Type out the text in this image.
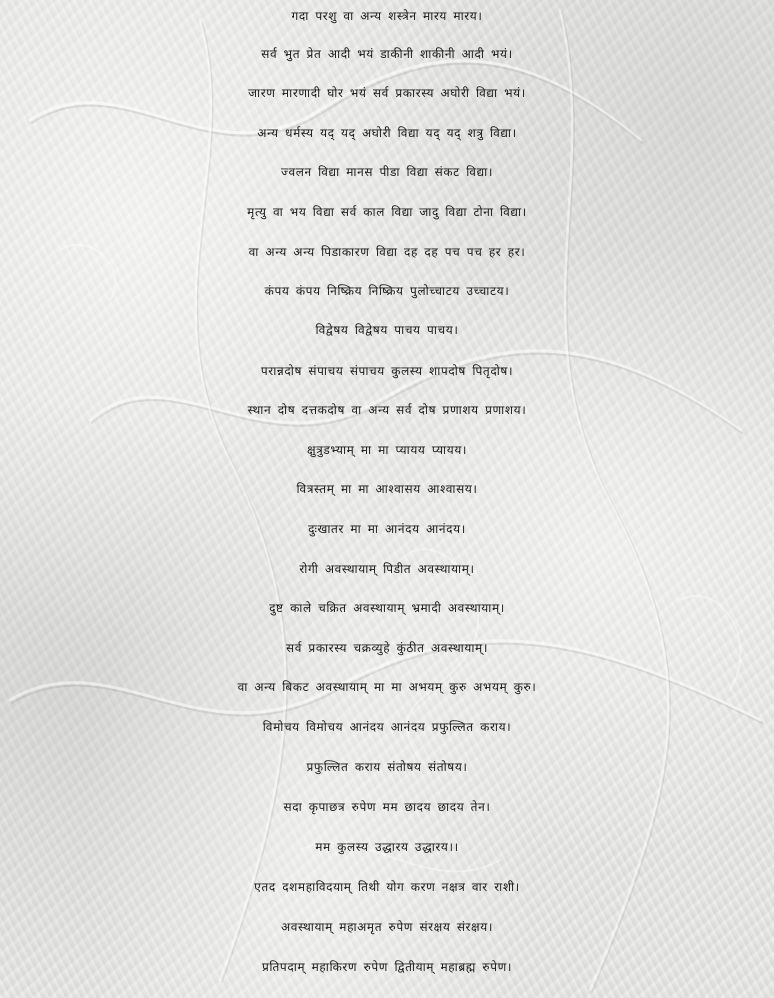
गदा परशु वा अन्य शस्त्रेन मारय मारय।
सर्व भुत प्रेत आदी भयं डाकीनी शाकीनी आदी भयं।
जारण मारणादी घोर भयं सर्व प्रकारस्य अघोरी विद्या भयं।
अन्य धर्मस्य यद् यद् अघोरी विद्या यद् यद् शत्रु विद्या।
ज्वलन विद्या मानस पीडा विद्या संकट विद्या।
मृत्यु वा भय विद्या सर्व काल विद्या जादु विद्या टोना विद्या।
वा अन्य अन्य पिडाकारण विद्या दह दह पच पच हर हर।
कंपय कंपय निष्क्रिय निष्क्रिय पुलोच्चाटय उच्चाटय।
विद्वेषय विद्वेषय पाचय पाचय।
परान्नदोष संपाचय संपाचय कुलस्य शापदोष पितृदोष।
स्थान दोष दत्तकदोष वा अन्य सर्व दोष प्रणाशय प्रणाशय।
क्षुत्रुडभ्याम् मा मा प्यायय प्यायय।
वित्रस्तम् मा मा आश्वासय आश्वासय।
दुःखातर मा मा आनंदय आनंदय।
रोगी अवस्थायाम् पिडीत अवस्थायाम्।
दुष्ट काले चक्रित अवस्थायाम् भ्रमादी अवस्थायाम्।
सर्व प्रकारस्य चक्रव्युहे कुंठीत अवस्थायाम्।
वा अन्य बिकट अवस्थायाम् मा मा अभयम् कुरु अभयम् कुरु।
विमोचय विमोचय आनंदय आनंदय प्रफुल्लित कराय।
प्रफुल्लित कराय संतोषय संतोषय।
सदा कृपाछत्र रुपेण मम छादय छादय तेन।
मम कुलस्य उद्धारय उद्धारय।।
एतद दशमहाविदयाम् तिथी योग करण नक्षत्र वार राशी।
अवस्थायाम् महाअमृत रुपेण संरक्षय संरक्षय।
प्रतिपदाम् महाकिरण रुपेण द्वितीयाम् महाब्रह्म रुपेण।
